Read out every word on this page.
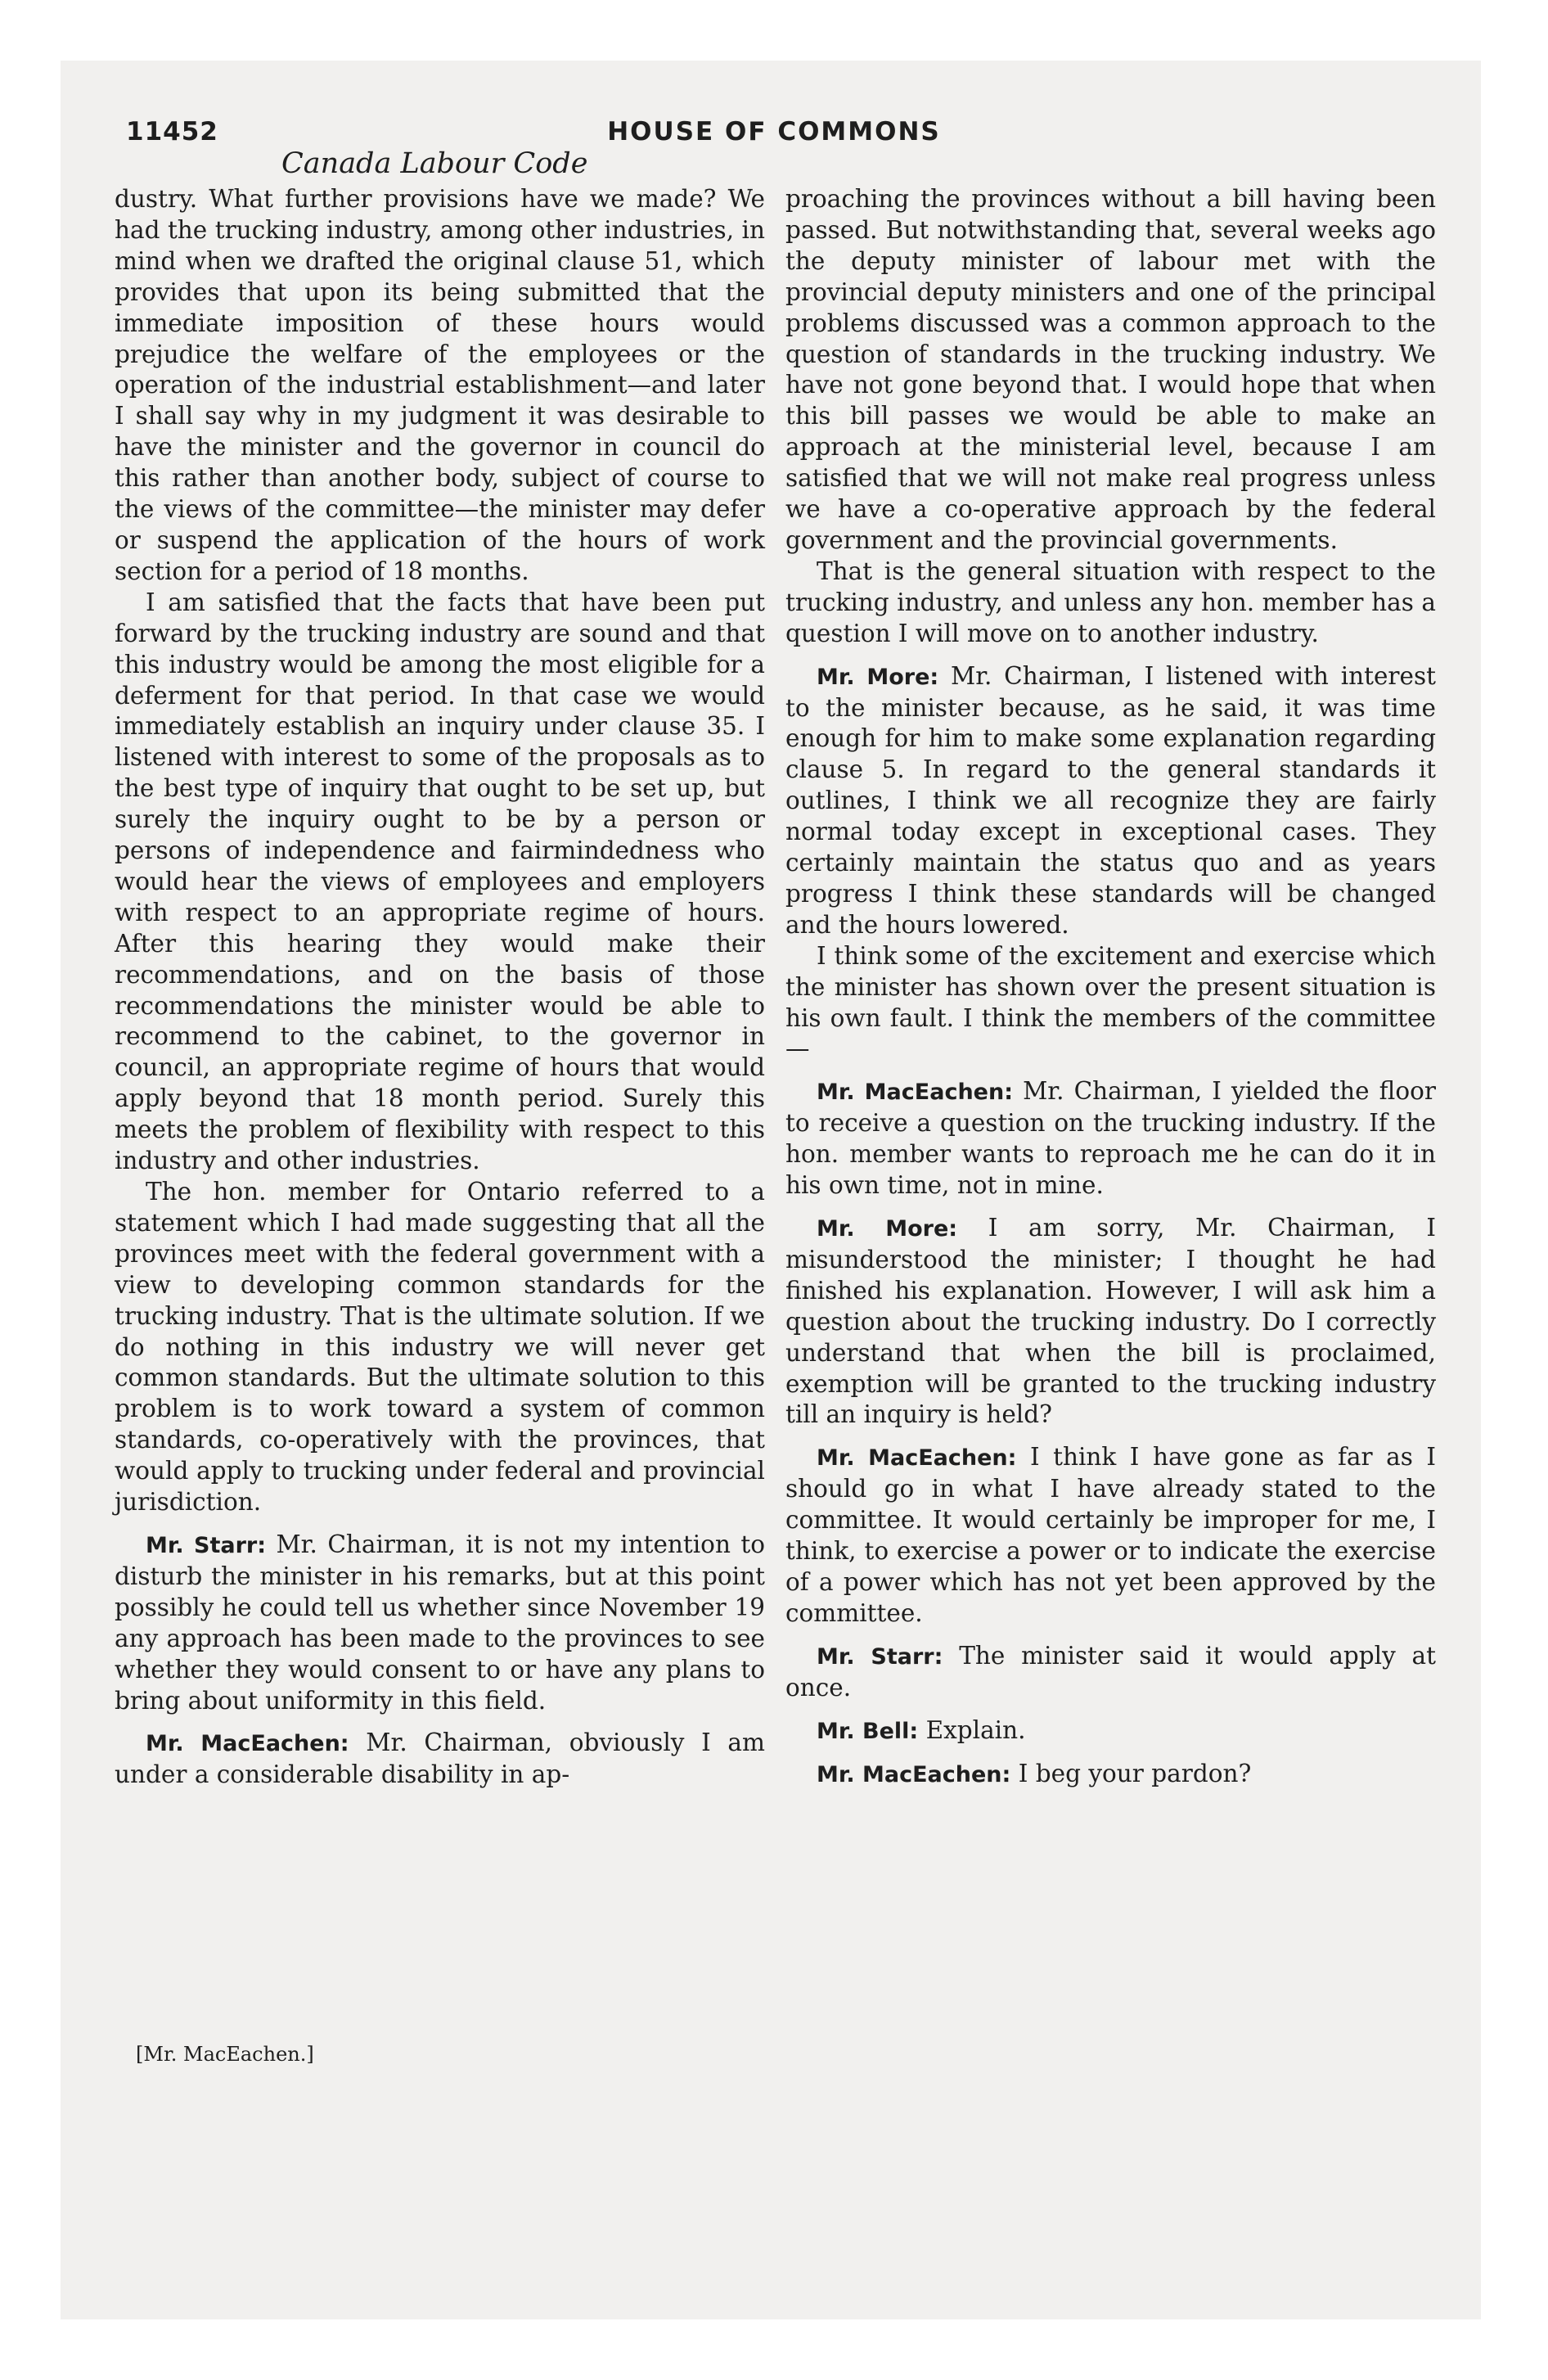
11452	HOUSE OF COMMONS
Canada Labour Code

dustry. What further provisions have we made? We had the trucking industry, among other industries, in mind when we drafted the original clause 51, which provides that upon its being submitted that the immediate imposition of these hours would prejudice the welfare of the employees or the operation of the industrial establishment—and later I shall say why in my judgment it was desirable to have the minister and the governor in council do this rather than another body, subject of course to the views of the committee—the minister may defer or suspend the application of the hours of work section for a period of 18 months.

I am satisfied that the facts that have been put forward by the trucking industry are sound and that this industry would be among the most eligible for a deferment for that period. In that case we would immediately establish an inquiry under clause 35. I listened with interest to some of the proposals as to the best type of inquiry that ought to be set up, but surely the inquiry ought to be by a person or persons of independence and fairmindedness who would hear the views of employees and employers with respect to an appropriate regime of hours. After this hearing they would make their recommendations, and on the basis of those recommendations the minister would be able to recommend to the cabinet, to the governor in council, an appropriate regime of hours that would apply beyond that 18 month period. Surely this meets the problem of flexibility with respect to this industry and other industries.

The hon. member for Ontario referred to a statement which I had made suggesting that all the provinces meet with the federal government with a view to developing common standards for the trucking industry. That is the ultimate solution. If we do nothing in this industry we will never get common standards. But the ultimate solution to this problem is to work toward a system of common standards, co-operatively with the provinces, that would apply to trucking under federal and provincial jurisdiction.

Mr. Starr: Mr. Chairman, it is not my intention to disturb the minister in his remarks, but at this point possibly he could tell us whether since November 19 any approach has been made to the provinces to see whether they would consent to or have any plans to bring about uniformity in this field.

Mr. MacEachen: Mr. Chairman, obviously I am under a considerable disability in ap-

proaching the provinces without a bill having been passed. But notwithstanding that, several weeks ago the deputy minister of labour met with the provincial deputy ministers and one of the principal problems discussed was a common approach to the question of standards in the trucking industry. We have not gone beyond that. I would hope that when this bill passes we would be able to make an approach at the ministerial level, because I am satisfied that we will not make real progress unless we have a co-operative approach by the federal government and the provincial governments.

That is the general situation with respect to the trucking industry, and unless any hon. member has a question I will move on to another industry.

Mr. More: Mr. Chairman, I listened with interest to the minister because, as he said, it was time enough for him to make some explanation regarding clause 5. In regard to the general standards it outlines, I think we all recognize they are fairly normal today except in exceptional cases. They certainly maintain the status quo and as years progress I think these standards will be changed and the hours lowered.

I think some of the excitement and exercise which the minister has shown over the present situation is his own fault. I think the members of the committee—

Mr. MacEachen: Mr. Chairman, I yielded the floor to receive a question on the trucking industry. If the hon. member wants to reproach me he can do it in his own time, not in mine.

Mr. More: I am sorry, Mr. Chairman, I misunderstood the minister; I thought he had finished his explanation. However, I will ask him a question about the trucking industry. Do I correctly understand that when the bill is proclaimed, exemption will be granted to the trucking industry till an inquiry is held?

Mr. MacEachen: I think I have gone as far as I should go in what I have already stated to the committee. It would certainly be improper for me, I think, to exercise a power or to indicate the exercise of a power which has not yet been approved by the committee.

Mr. Starr: The minister said it would apply at once.

Mr. Bell: Explain.

Mr. MacEachen: I beg your pardon?

[Mr. MacEachen.]
